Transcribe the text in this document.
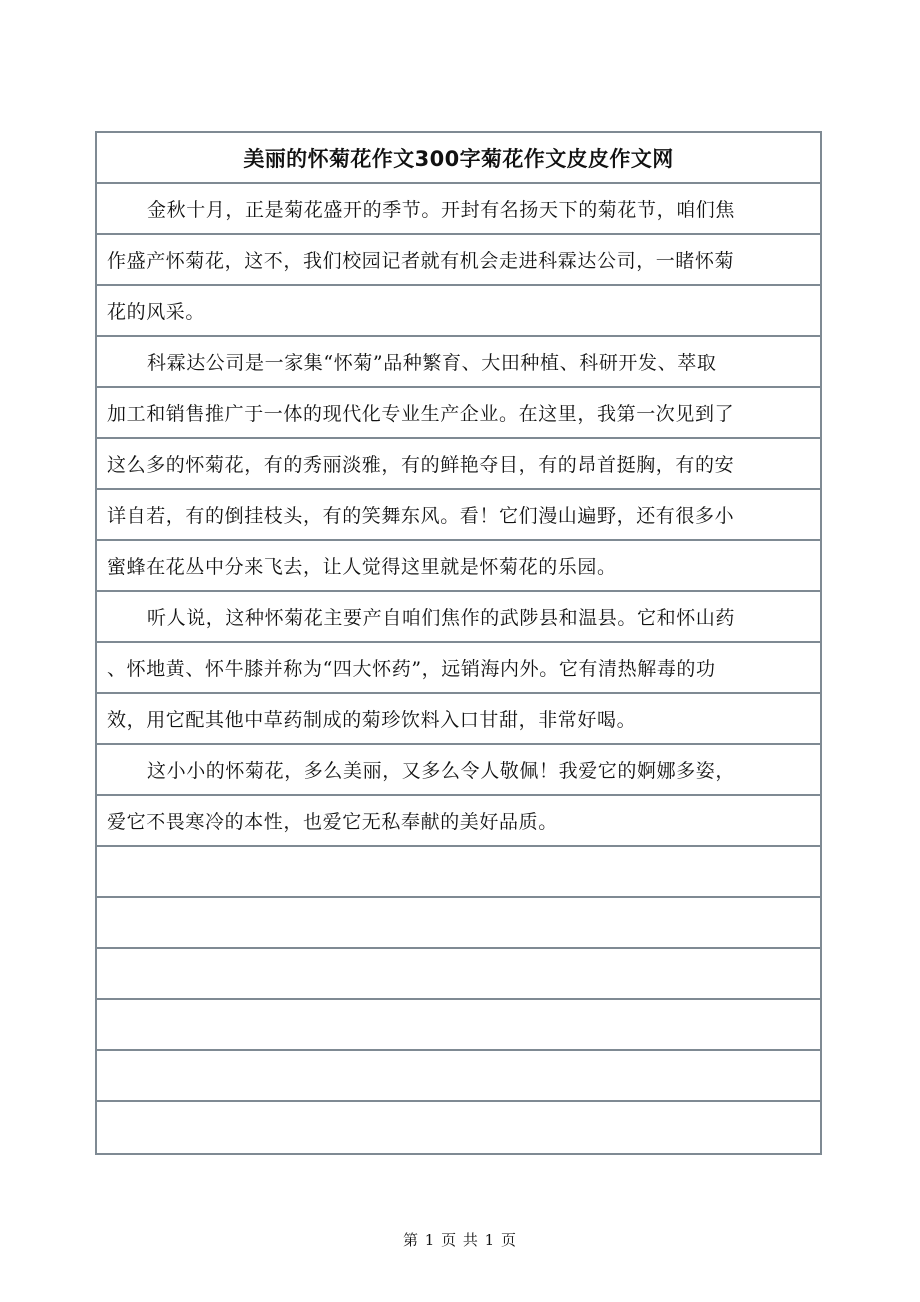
美丽的怀菊花作文300字菊花作文皮皮作文网
金秋十月，正是菊花盛开的季节。开封有名扬天下的菊花节，咱们焦
作盛产怀菊花，这不，我们校园记者就有机会走进科霖达公司，一睹怀菊
花的风采。
科霖达公司是一家集“怀菊”品种繁育、大田种植、科研开发、萃取
加工和销售推广于一体的现代化专业生产企业。在这里，我第一次见到了
这么多的怀菊花，有的秀丽淡雅，有的鲜艳夺目，有的昂首挺胸，有的安
详自若，有的倒挂枝头，有的笑舞东风。看！它们漫山遍野，还有很多小
蜜蜂在花丛中分来飞去，让人觉得这里就是怀菊花的乐园。
听人说，这种怀菊花主要产自咱们焦作的武陟县和温县。它和怀山药
、怀地黄、怀牛膝并称为“四大怀药”，远销海内外。它有清热解毒的功
效，用它配其他中草药制成的菊珍饮料入口甘甜，非常好喝。
这小小的怀菊花，多么美丽，又多么令人敬佩！我爱它的婀娜多姿，
爱它不畏寒冷的本性，也爱它无私奉献的美好品质。
第 1 页 共 1 页
